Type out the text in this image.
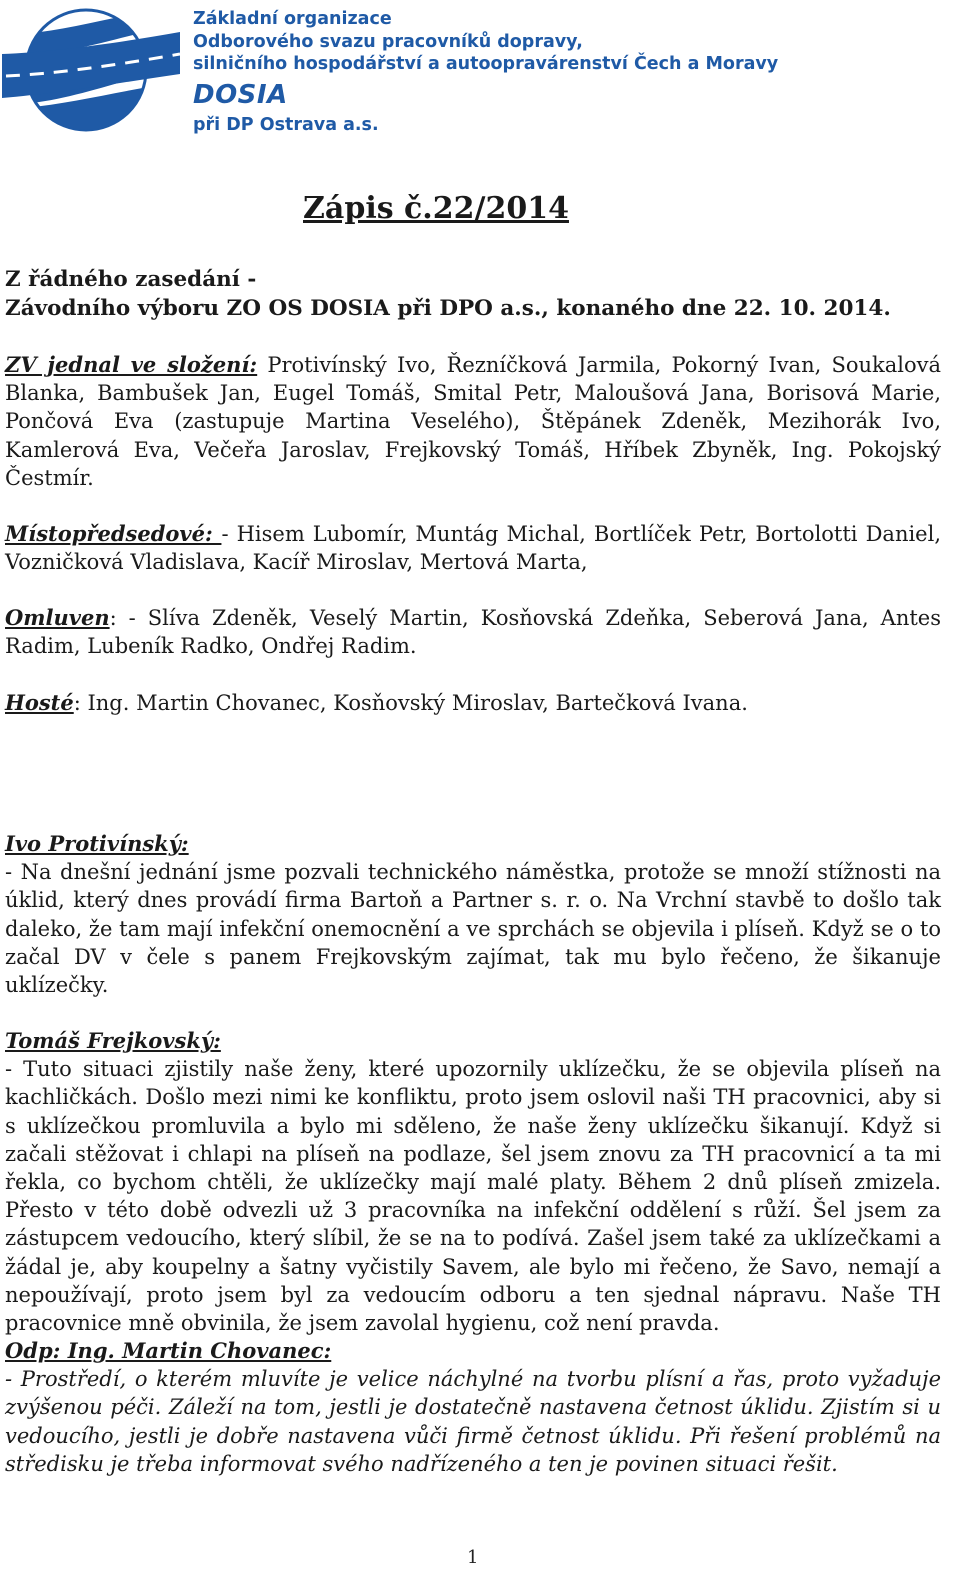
Základní organizace
Odborového svazu pracovníků dopravy,
silničního hospodářství a autoopravárenství Čech a Moravy
DOSIA
při DP Ostrava a.s.
Zápis č.22/2014
Z řádného zasedání -
Závodního výboru ZO OS DOSIA při DPO a.s., konaného dne 22. 10. 2014.

ZV jednal ve složení: Protivínský Ivo, Řezníčková Jarmila, Pokorný Ivan, Soukalová Blanka, Bambušek Jan, Eugel Tomáš, Smital Petr, Maloušová Jana, Borisová Marie, Pončová Eva (zastupuje Martina Veselého), Štěpánek Zdeněk, Mezihorák Ivo, Kamlerová Eva, Večeřa Jaroslav, Frejkovský Tomáš, Hříbek Zbyněk, Ing. Pokojský Čestmír.

Místopředsedové: - Hisem Lubomír, Muntág Michal, Bortlíček Petr, Bortolotti Daniel, Vozničková Vladislava, Kacíř Miroslav, Mertová Marta,

Omluven: - Slíva Zdeněk, Veselý Martin, Kosňovská Zdeňka, Seberová Jana, Antes Radim, Lubeník Radko, Ondřej Radim.

Hosté: Ing. Martin Chovanec, Kosňovský Miroslav, Bartečková Ivana.

Ivo Protivínský:
- Na dnešní jednání jsme pozvali technického náměstka, protože se množí stížnosti na úklid, který dnes provádí firma Bartoň a Partner s. r. o. Na Vrchní stavbě to došlo tak daleko, že tam mají infekční onemocnění a ve sprchách se objevila i plíseň. Když se o to začal DV v čele s panem Frejkovským zajímat, tak mu bylo řečeno, že šikanuje uklízečky.
Tomáš Frejkovský:
- Tuto situaci zjistily naše ženy, které upozornily uklízečku, že se objevila plíseň na kachličkách. Došlo mezi nimi ke konfliktu, proto jsem oslovil naši TH pracovnici, aby si s uklízečkou promluvila a bylo mi sděleno, že naše ženy uklízečku šikanují. Když si začali stěžovat i chlapi na plíseň na podlaze, šel jsem znovu za TH pracovnicí a ta mi řekla, co bychom chtěli, že uklízečky mají malé platy. Během 2 dnů plíseň zmizela. Přesto v této době odvezli už 3 pracovníka na infekční oddělení s růží. Šel jsem za zástupcem vedoucího, který slíbil, že se na to podívá. Zašel jsem také za uklízečkami a žádal je, aby koupelny a šatny vyčistily Savem, ale bylo mi řečeno, že Savo, nemají a nepoužívají, proto jsem byl za vedoucím odboru a ten sjednal nápravu. Naše TH pracovnice mně obvinila, že jsem zavolal hygienu, což není pravda.
Odp: Ing. Martin Chovanec:
- Prostředí, o kterém mluvíte je velice náchylné na tvorbu plísní a řas, proto vyžaduje zvýšenou péči. Záleží na tom, jestli je dostatečně nastavena četnost úklidu. Zjistím si u vedoucího, jestli je dobře nastavena vůči firmě četnost úklidu. Při řešení problémů na středisku je třeba informovat svého nadřízeného a ten je povinen situaci řešit.
1
